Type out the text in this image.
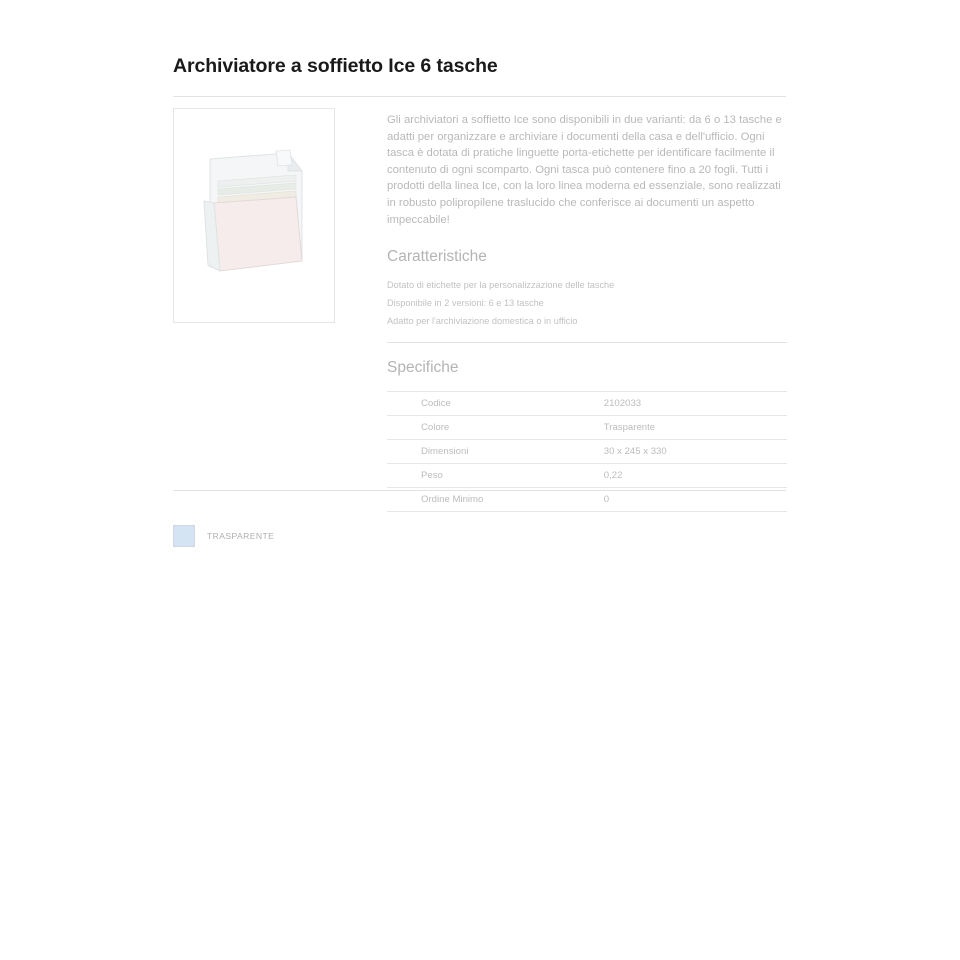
Archiviatore a soffietto Ice 6 tasche

Gli archiviatori a soffietto Ice sono disponibili in due varianti: da 6 o 13 tasche e adatti per organizzare e archiviare i documenti della casa e dell'ufficio. Ogni tasca è dotata di pratiche linguette porta-etichette per identificare facilmente il contenuto di ogni scomparto. Ogni tasca può contenere fino a 20 fogli. Tutti i prodotti della linea Ice, con la loro linea moderna ed essenziale, sono realizzati in robusto polipropilene traslucido che conferisce ai documenti un aspetto impeccabile!

Caratteristiche
Dotato di etichette per la personalizzazione delle tasche
Disponibile in 2 versioni: 6 e 13 tasche
Adatto per l'archiviazione domestica o in ufficio
Specifiche
Codice	2102033
Colore	Trasparente
Dimensioni	30 x 245 x 330
Peso	0,22
Ordine Minimo	0
TRASPARENTE
